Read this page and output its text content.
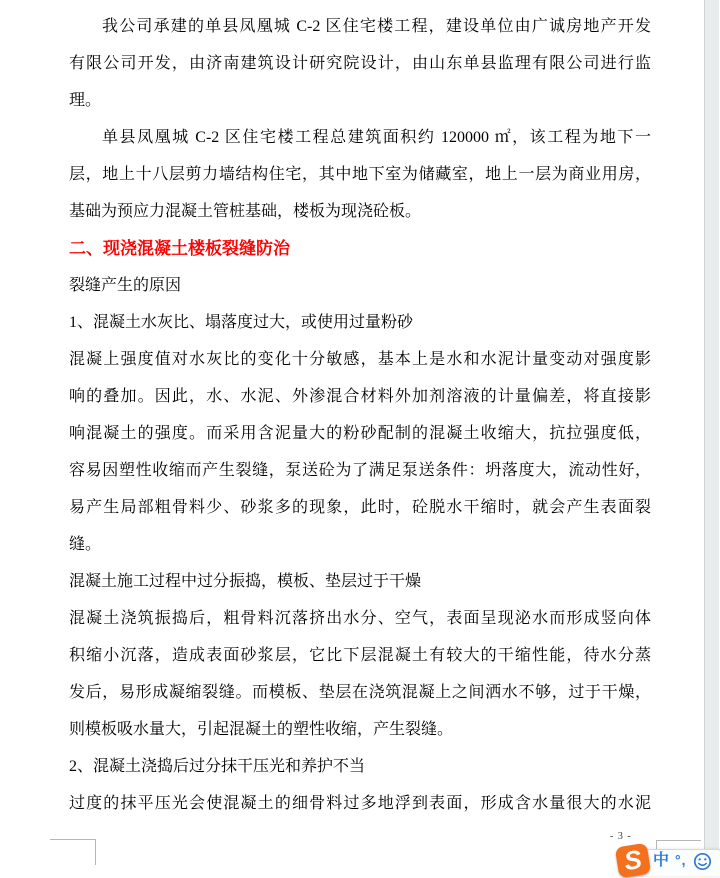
我公司承建的单县凤凰城 C-2 区住宅楼工程，建设单位由广诚房地产开发
有限公司开发，由济南建筑设计研究院设计，由山东单县监理有限公司进行监
理。
单县凤凰城 C-2 区住宅楼工程总建筑面积约 120000 ㎡，该工程为地下一
层，地上十八层剪力墙结构住宅，其中地下室为储藏室，地上一层为商业用房，
基础为预应力混凝土管桩基础，楼板为现浇砼板。
二、现浇混凝土楼板裂缝防治
裂缝产生的原因
1、混凝土水灰比、塌落度过大，或使用过量粉砂
混凝上强度值对水灰比的变化十分敏感，基本上是水和水泥计量变动对强度影
响的叠加。因此，水、水泥、外渗混合材料外加剂溶液的计量偏差，将直接影
响混凝土的强度。而采用含泥量大的粉砂配制的混凝土收缩大，抗拉强度低，
容易因塑性收缩而产生裂缝，泵送砼为了满足泵送条件：坍落度大，流动性好，
易产生局部粗骨料少、砂浆多的现象，此时，砼脱水干缩时，就会产生表面裂
缝。
混凝土施工过程中过分振捣，模板、垫层过于干燥
混凝土浇筑振捣后，粗骨料沉落挤出水分、空气，表面呈现泌水而形成竖向体
积缩小沉落，造成表面砂浆层，它比下层混凝土有较大的干缩性能，待水分蒸
发后，易形成凝缩裂缝。而模板、垫层在浇筑混凝上之间洒水不够，过于干燥，
则模板吸水量大，引起混凝土的塑性收缩，产生裂缝。
2、混凝土浇捣后过分抹干压光和养护不当
过度的抹平压光会使混凝土的细骨料过多地浮到表面，形成含水量很大的水泥
- 3 -
S 中 °,
